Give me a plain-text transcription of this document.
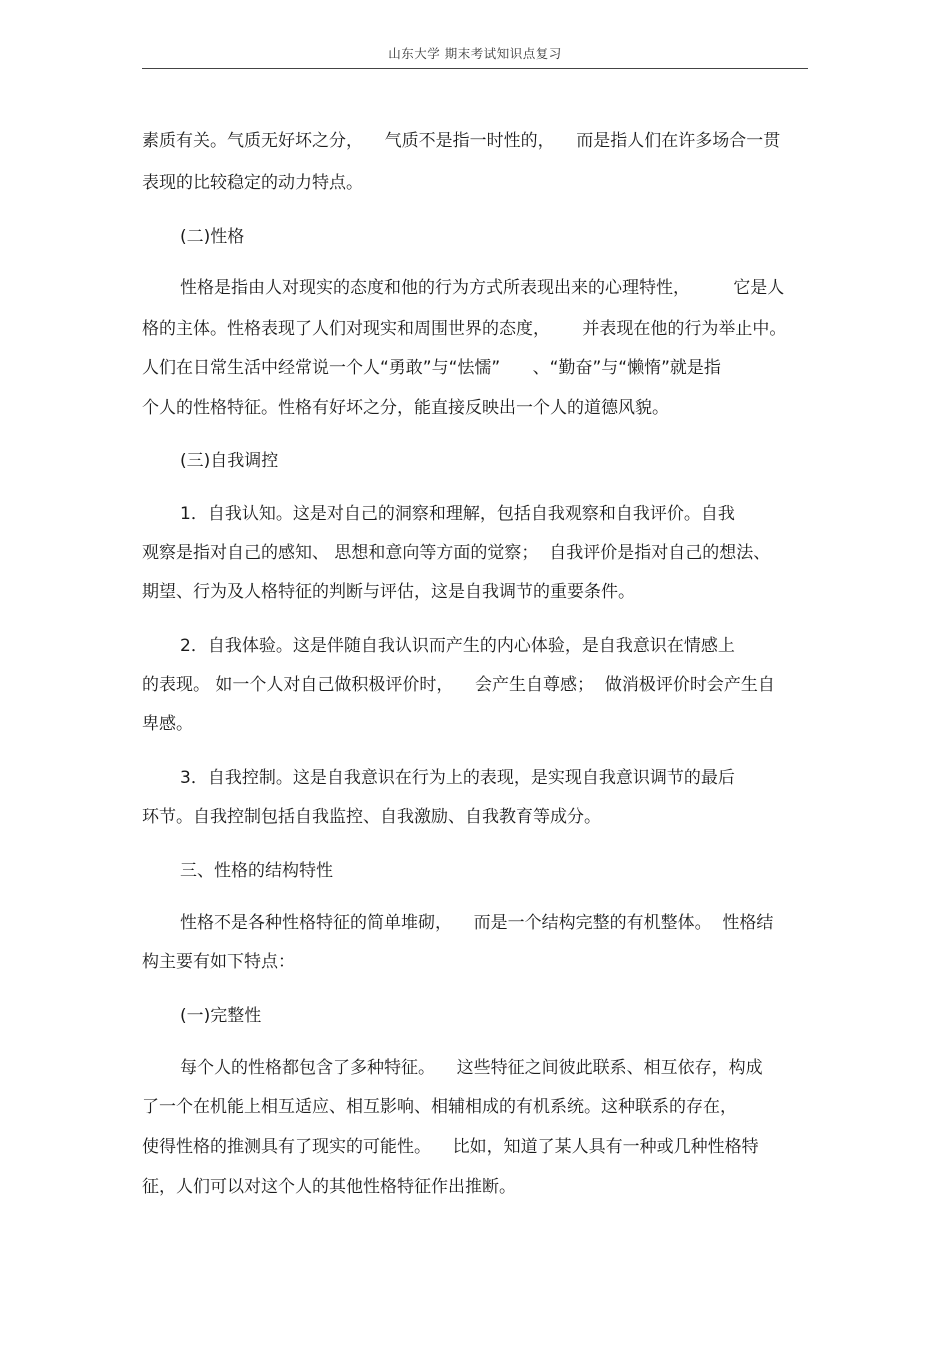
山东大学 期末考试知识点复习
素质有关。气质无好坏之分，    气质不是指一时性的，    而是指人们在许多场合一贯
表现的比较稳定的动力特点。
(二)性格
性格是指由人对现实的态度和他的行为方式所表现出来的心理特性，        它是人
格的主体。性格表现了人们对现实和周围世界的态度，      并表现在他的行为举止中。
人们在日常生活中经常说一个人“勇敢”与“怯懦”      、“勤奋”与“懒惰”就是指
个人的性格特征。性格有好坏之分，能直接反映出一个人的道德风貌。
(三)自我调控
1．自我认知。这是对自己的洞察和理解，包括自我观察和自我评价。自我
观察是指对自己的感知、 思想和意向等方面的觉察；  自我评价是指对自己的想法、
期望、行为及人格特征的判断与评估，这是自我调节的重要条件。
2．自我体验。这是伴随自我认识而产生的内心体验，是自我意识在情感上
的表现。 如一个人对自己做积极评价时，    会产生自尊感；  做消极评价时会产生自
卑感。
3．自我控制。这是自我意识在行为上的表现，是实现自我意识调节的最后
环节。自我控制包括自我监控、自我激励、自我教育等成分。
三、性格的结构特性
性格不是各种性格特征的简单堆砌，    而是一个结构完整的有机整体。  性格结
构主要有如下特点：
(一)完整性
每个人的性格都包含了多种特征。    这些特征之间彼此联系、相互依存，构成
了一个在机能上相互适应、相互影响、相辅相成的有机系统。这种联系的存在，
使得性格的推测具有了现实的可能性。    比如，知道了某人具有一种或几种性格特
征，人们可以对这个人的其他性格特征作出推断。
